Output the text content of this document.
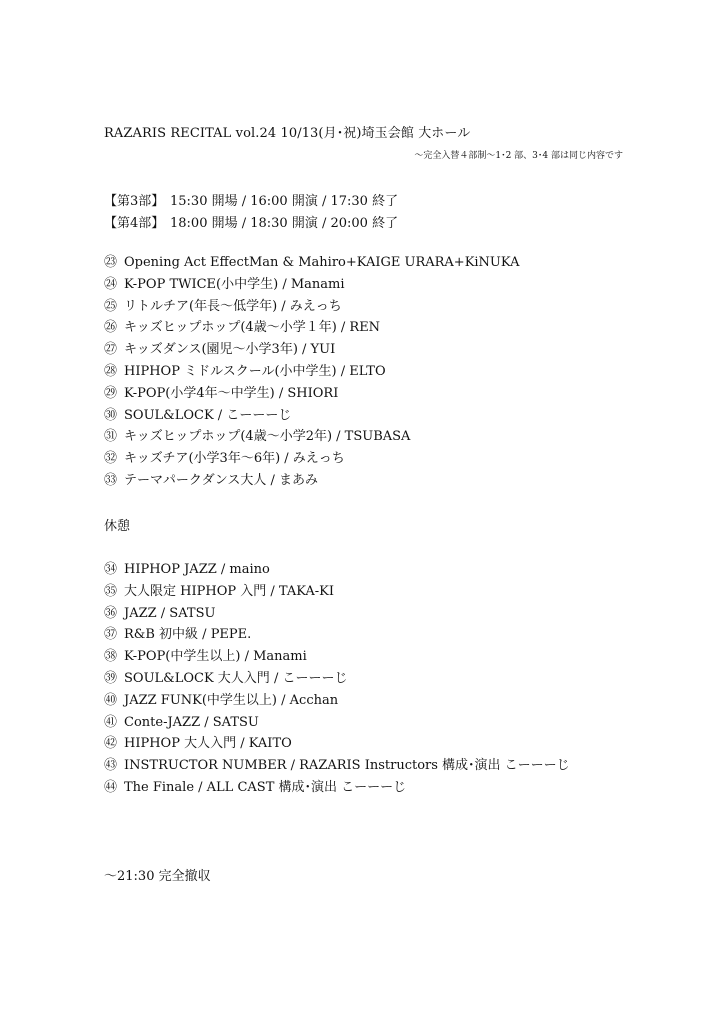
RAZARIS RECITAL vol.24 10/13(月･祝)埼玉会館 大ホール
～完全入替４部制～1･2 部、3･4 部は同じ内容です
【第3部】 15:30 開場 / 16:00 開演 / 17:30 終了
【第4部】 18:00 開場 / 18:30 開演 / 20:00 終了
㉓ Opening Act EffectMan & Mahiro+KAIGE URARA+KiNUKA
㉔ K-POP TWICE(小中学生) / Manami
㉕ リトルチア(年長～低学年) / みえっち
㉖ キッズヒップホップ(4歳～小学１年) / REN
㉗ キッズダンス(園児～小学3年) / YUI
㉘ HIPHOP ミドルスクール(小中学生) / ELTO
㉙ K-POP(小学4年～中学生) / SHIORI
㉚ SOUL&LOCK / こーーーじ
㉛ キッズヒップホップ(4歳～小学2年) / TSUBASA
㉜ キッズチア(小学3年～6年) / みえっち
㉝ テーマパークダンス大人 / まあみ
休憩
㉞ HIPHOP JAZZ / maino
㉟ 大人限定 HIPHOP 入門 / TAKA-KI
㊱ JAZZ / SATSU
㊲ R&B 初中級 / PEPE.
㊳ K-POP(中学生以上) / Manami
㊴ SOUL&LOCK 大人入門 / こーーーじ
㊵ JAZZ FUNK(中学生以上) / Acchan
㊶ Conte-JAZZ / SATSU
㊷ HIPHOP 大人入門 / KAITO
㊸ INSTRUCTOR NUMBER / RAZARIS Instructors 構成･演出 こーーーじ
㊹ The Finale / ALL CAST 構成･演出 こーーーじ
～21:30 完全撤収
